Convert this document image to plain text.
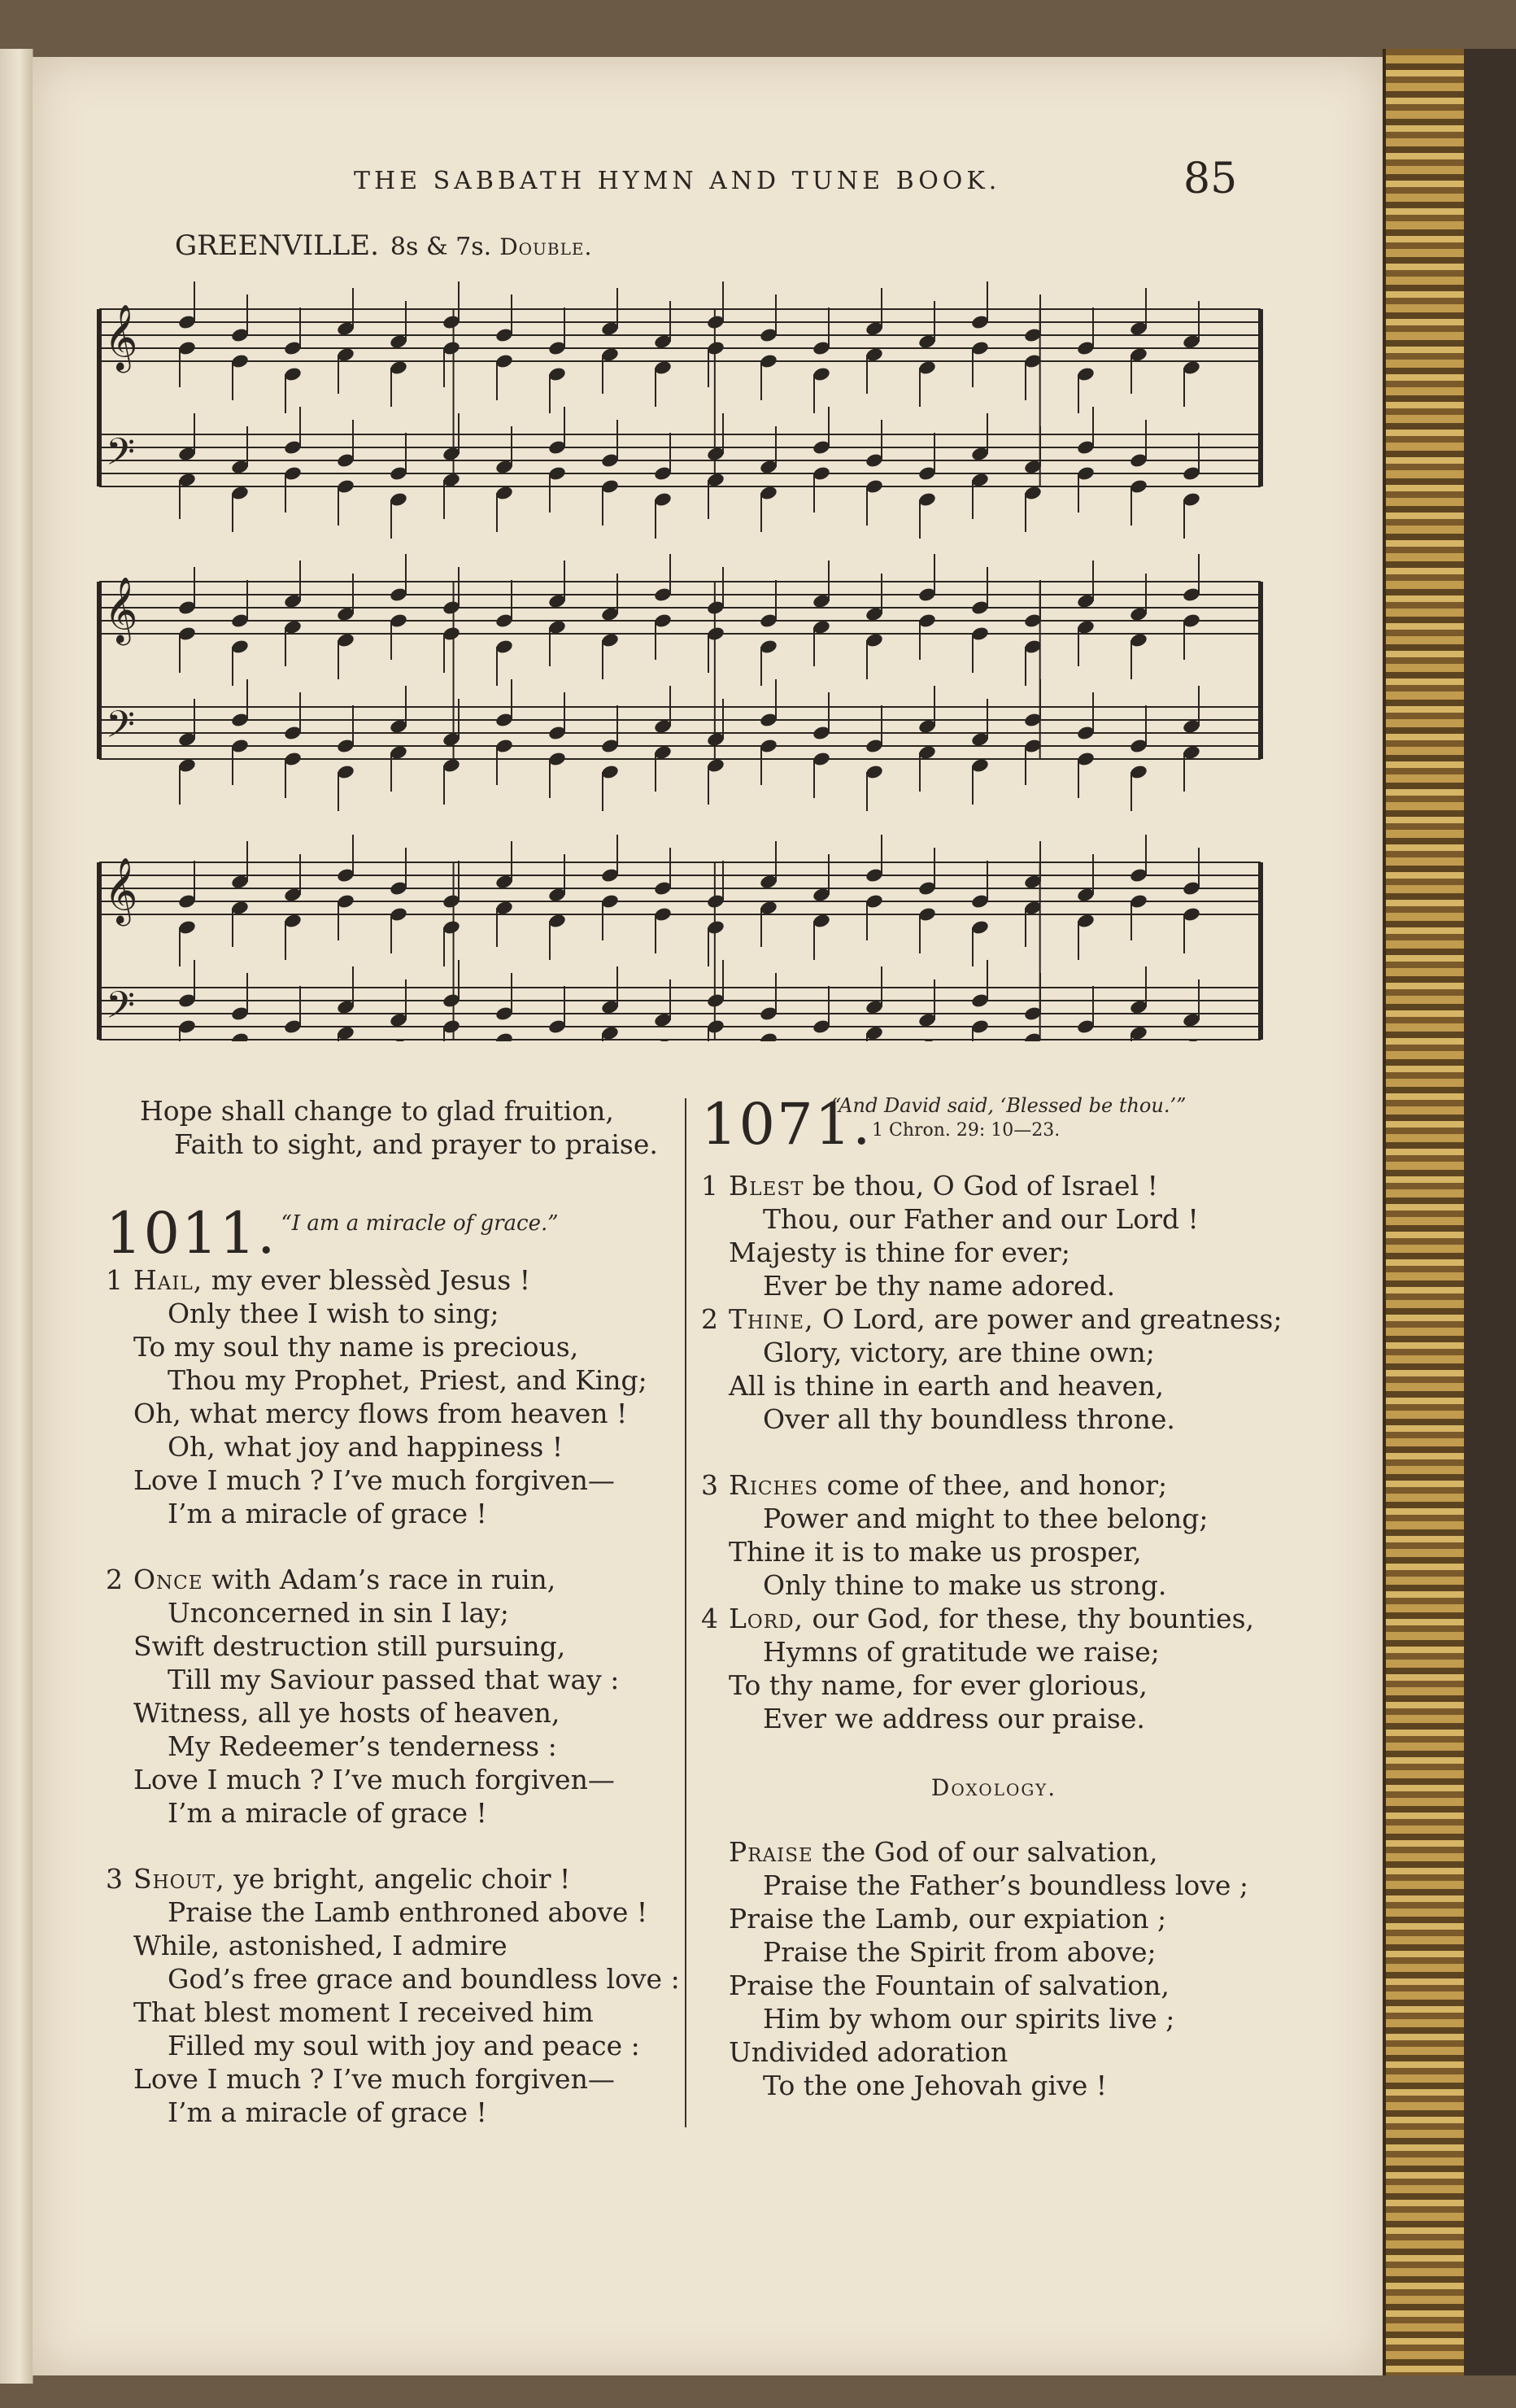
THE SABBATH HYMN AND TUNE BOOK.	85
GREENVILLE. 8s & 7s. Double.
𝄞
𝄢
𝄞
𝄢
𝄞
𝄢
Hope shall change to glad fruition,
Faith to sight, and prayer to praise.
1011. “I am a miracle of grace.”
1 Hail, my ever blessèd Jesus !
Only thee I wish to sing;
To my soul thy name is precious,
Thou my Prophet, Priest, and King;
Oh, what mercy flows from heaven !
Oh, what joy and happiness !
Love I much ? I’ve much forgiven—
I’m a miracle of grace !
2 Once with Adam’s race in ruin,
Unconcerned in sin I lay;
Swift destruction still pursuing,
Till my Saviour passed that way :
Witness, all ye hosts of heaven,
My Redeemer’s tenderness :
Love I much ? I’ve much forgiven—
I’m a miracle of grace !
3 Shout, ye bright, angelic choir !
Praise the Lamb enthroned above !
While, astonished, I admire
God’s free grace and boundless love :
That blest moment I received him
Filled my soul with joy and peace :
Love I much ? I’ve much forgiven—
I’m a miracle of grace !
1071.
“And David said, ‘Blessed be thou.’”
1 Chron. 29: 10—23.
1 Blest be thou, O God of Israel !
Thou, our Father and our Lord !
Majesty is thine for ever;
Ever be thy name adored.
2 Thine, O Lord, are power and greatness;
Glory, victory, are thine own;
All is thine in earth and heaven,
Over all thy boundless throne.
3 Riches come of thee, and honor;
Power and might to thee belong;
Thine it is to make us prosper,
Only thine to make us strong.
4 Lord, our God, for these, thy bounties,
Hymns of gratitude we raise;
To thy name, for ever glorious,
Ever we address our praise.
Doxology.
Praise the God of our salvation,
Praise the Father’s boundless love ;
Praise the Lamb, our expiation ;
Praise the Spirit from above;
Praise the Fountain of salvation,
Him by whom our spirits live ;
Undivided adoration
To the one Jehovah give !
